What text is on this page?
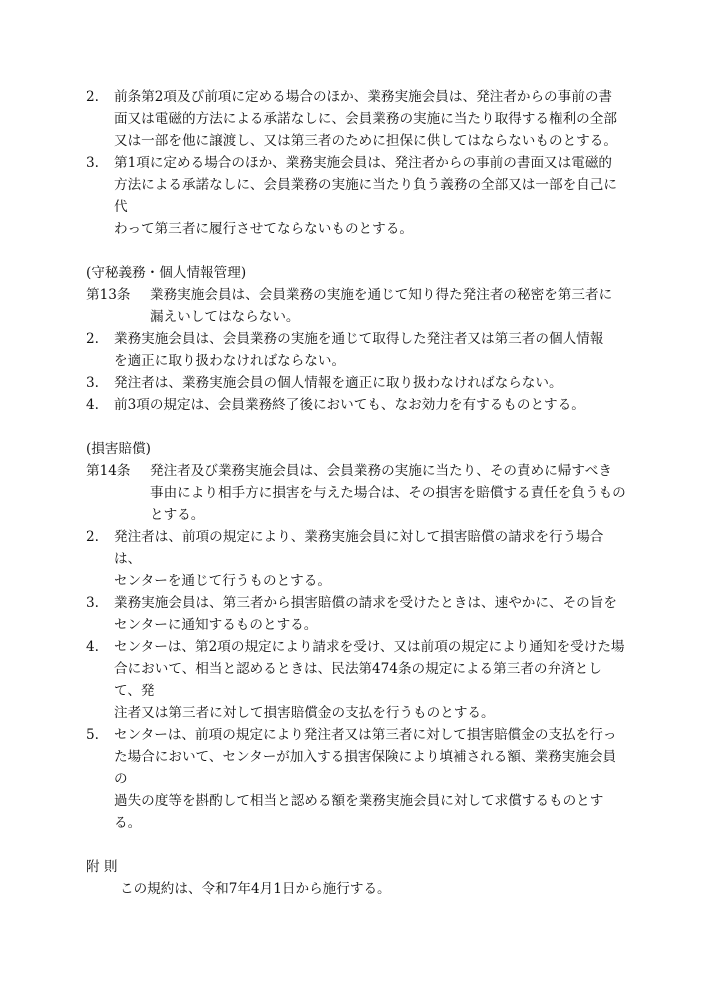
2.	前条第2項及び前項に定める場合のほか、業務実施会員は、発注者からの事前の書
面又は電磁的方法による承諾なしに、会員業務の実施に当たり取得する権利の全部
又は一部を他に譲渡し、又は第三者のために担保に供してはならないものとする。
3.	第1項に定める場合のほか、業務実施会員は、発注者からの事前の書面又は電磁的
方法による承諾なしに、会員業務の実施に当たり負う義務の全部又は一部を自己に代
わって第三者に履行させてならないものとする。
(守秘義務・個人情報管理)
第13条	業務実施会員は、会員業務の実施を通じて知り得た発注者の秘密を第三者に
漏えいしてはならない。
2.	業務実施会員は、会員業務の実施を通じて取得した発注者又は第三者の個人情報
を適正に取り扱わなければならない。
3.	発注者は、業務実施会員の個人情報を適正に取り扱わなければならない。
4.	前3項の規定は、会員業務終了後においても、なお効力を有するものとする。
(損害賠償)
第14条	発注者及び業務実施会員は、会員業務の実施に当たり、その責めに帰すべき
事由により相手方に損害を与えた場合は、その損害を賠償する責任を負うものとする。
2.	発注者は、前項の規定により、業務実施会員に対して損害賠償の請求を行う場合は、
センターを通じて行うものとする。
3.	業務実施会員は、第三者から損害賠償の請求を受けたときは、速やかに、その旨を
センターに通知するものとする。
4.	センターは、第2項の規定により請求を受け、又は前項の規定により通知を受けた場
合において、相当と認めるときは、民法第474条の規定による第三者の弁済として、発
注者又は第三者に対して損害賠償金の支払を行うものとする。
5.	センターは、前項の規定により発注者又は第三者に対して損害賠償金の支払を行っ
た場合において、センターが加入する損害保険により填補される額、業務実施会員の
過失の度等を斟酌して相当と認める額を業務実施会員に対して求償するものとする。
附 則
この規約は、令和7年4月1日から施行する。
